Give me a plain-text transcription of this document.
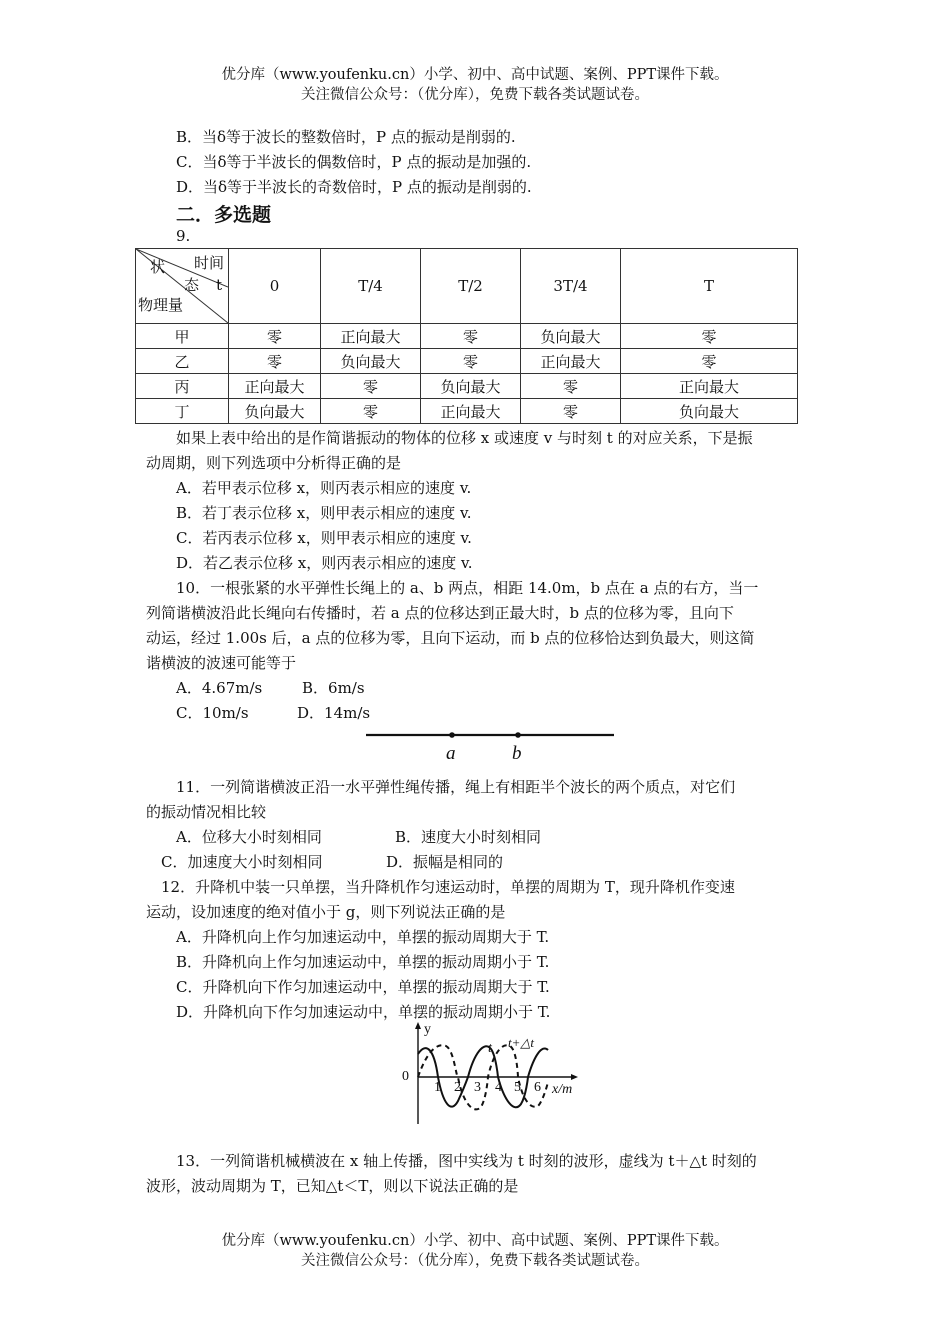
优分库（www.youfenku.cn）小学、初中、高中试题、案例、PPT课件下载。
关注微信公众号：（优分库），免费下载各类试题试卷。
B．当δ等于波长的整数倍时，P 点的振动是削弱的.
C．当δ等于半波长的偶数倍时，P 点的振动是加强的.
D．当δ等于半波长的奇数倍时，P 点的振动是削弱的.
二．多选题
9.
时间
t
状
态
物理量	0	T/4	T/2	3T/4	T
甲	零	正向最大	零	负向最大	零
乙	零	负向最大	零	正向最大	零
丙	正向最大	零	负向最大	零	正向最大
丁	负向最大	零	正向最大	零	负向最大
如果上表中给出的是作简谐振动的物体的位移 x 或速度 v 与时刻 t 的对应关系，下是振
动周期，则下列选项中分析得正确的是
A．若甲表示位移 x，则丙表示相应的速度 v.
B．若丁表示位移 x，则甲表示相应的速度 v.
C．若丙表示位移 x，则甲表示相应的速度 v.
D．若乙表示位移 x，则丙表示相应的速度 v.
10．一根张紧的水平弹性长绳上的 a、b 两点，相距 14.0m，b 点在 a 点的右方，当一
列简谐横波沿此长绳向右传播时，若 a 点的位移达到正最大时，b 点的位移为零，且向下
动运，经过 1.00s 后，a 点的位移为零，且向下运动，而 b 点的位移恰达到负最大，则这简
谐横波的波速可能等于
A．4.67m/s	B．6m/s
C．10m/s	D．14m/s
a	b
11．一列简谐横波正沿一水平弹性绳传播，绳上有相距半个波长的两个质点，对它们
的振动情况相比较
A．位移大小时刻相同	B．速度大小时刻相同
C．加速度大小时刻相同	D．振幅是相同的
12．升降机中装一只单摆，当升降机作匀速运动时，单摆的周期为 T，现升降机作变速
运动，设加速度的绝对值小于 g，则下列说法正确的是
A．升降机向上作匀加速运动中，单摆的振动周期大于 T.
B．升降机向上作匀加速运动中，单摆的振动周期小于 T.
C．升降机向下作匀加速运动中，单摆的振动周期大于 T.
D．升降机向下作匀加速运动中，单摆的振动周期小于 T.
y
0
x/m
1 2 3 4 5 6
t t+△t
13．一列简谐机械横波在 x 轴上传播，图中实线为 t 时刻的波形，虚线为 t＋△t 时刻的
波形，波动周期为 T，已知△t＜T，则以下说法正确的是
优分库（www.youfenku.cn）小学、初中、高中试题、案例、PPT课件下载。
关注微信公众号：（优分库），免费下载各类试题试卷。
